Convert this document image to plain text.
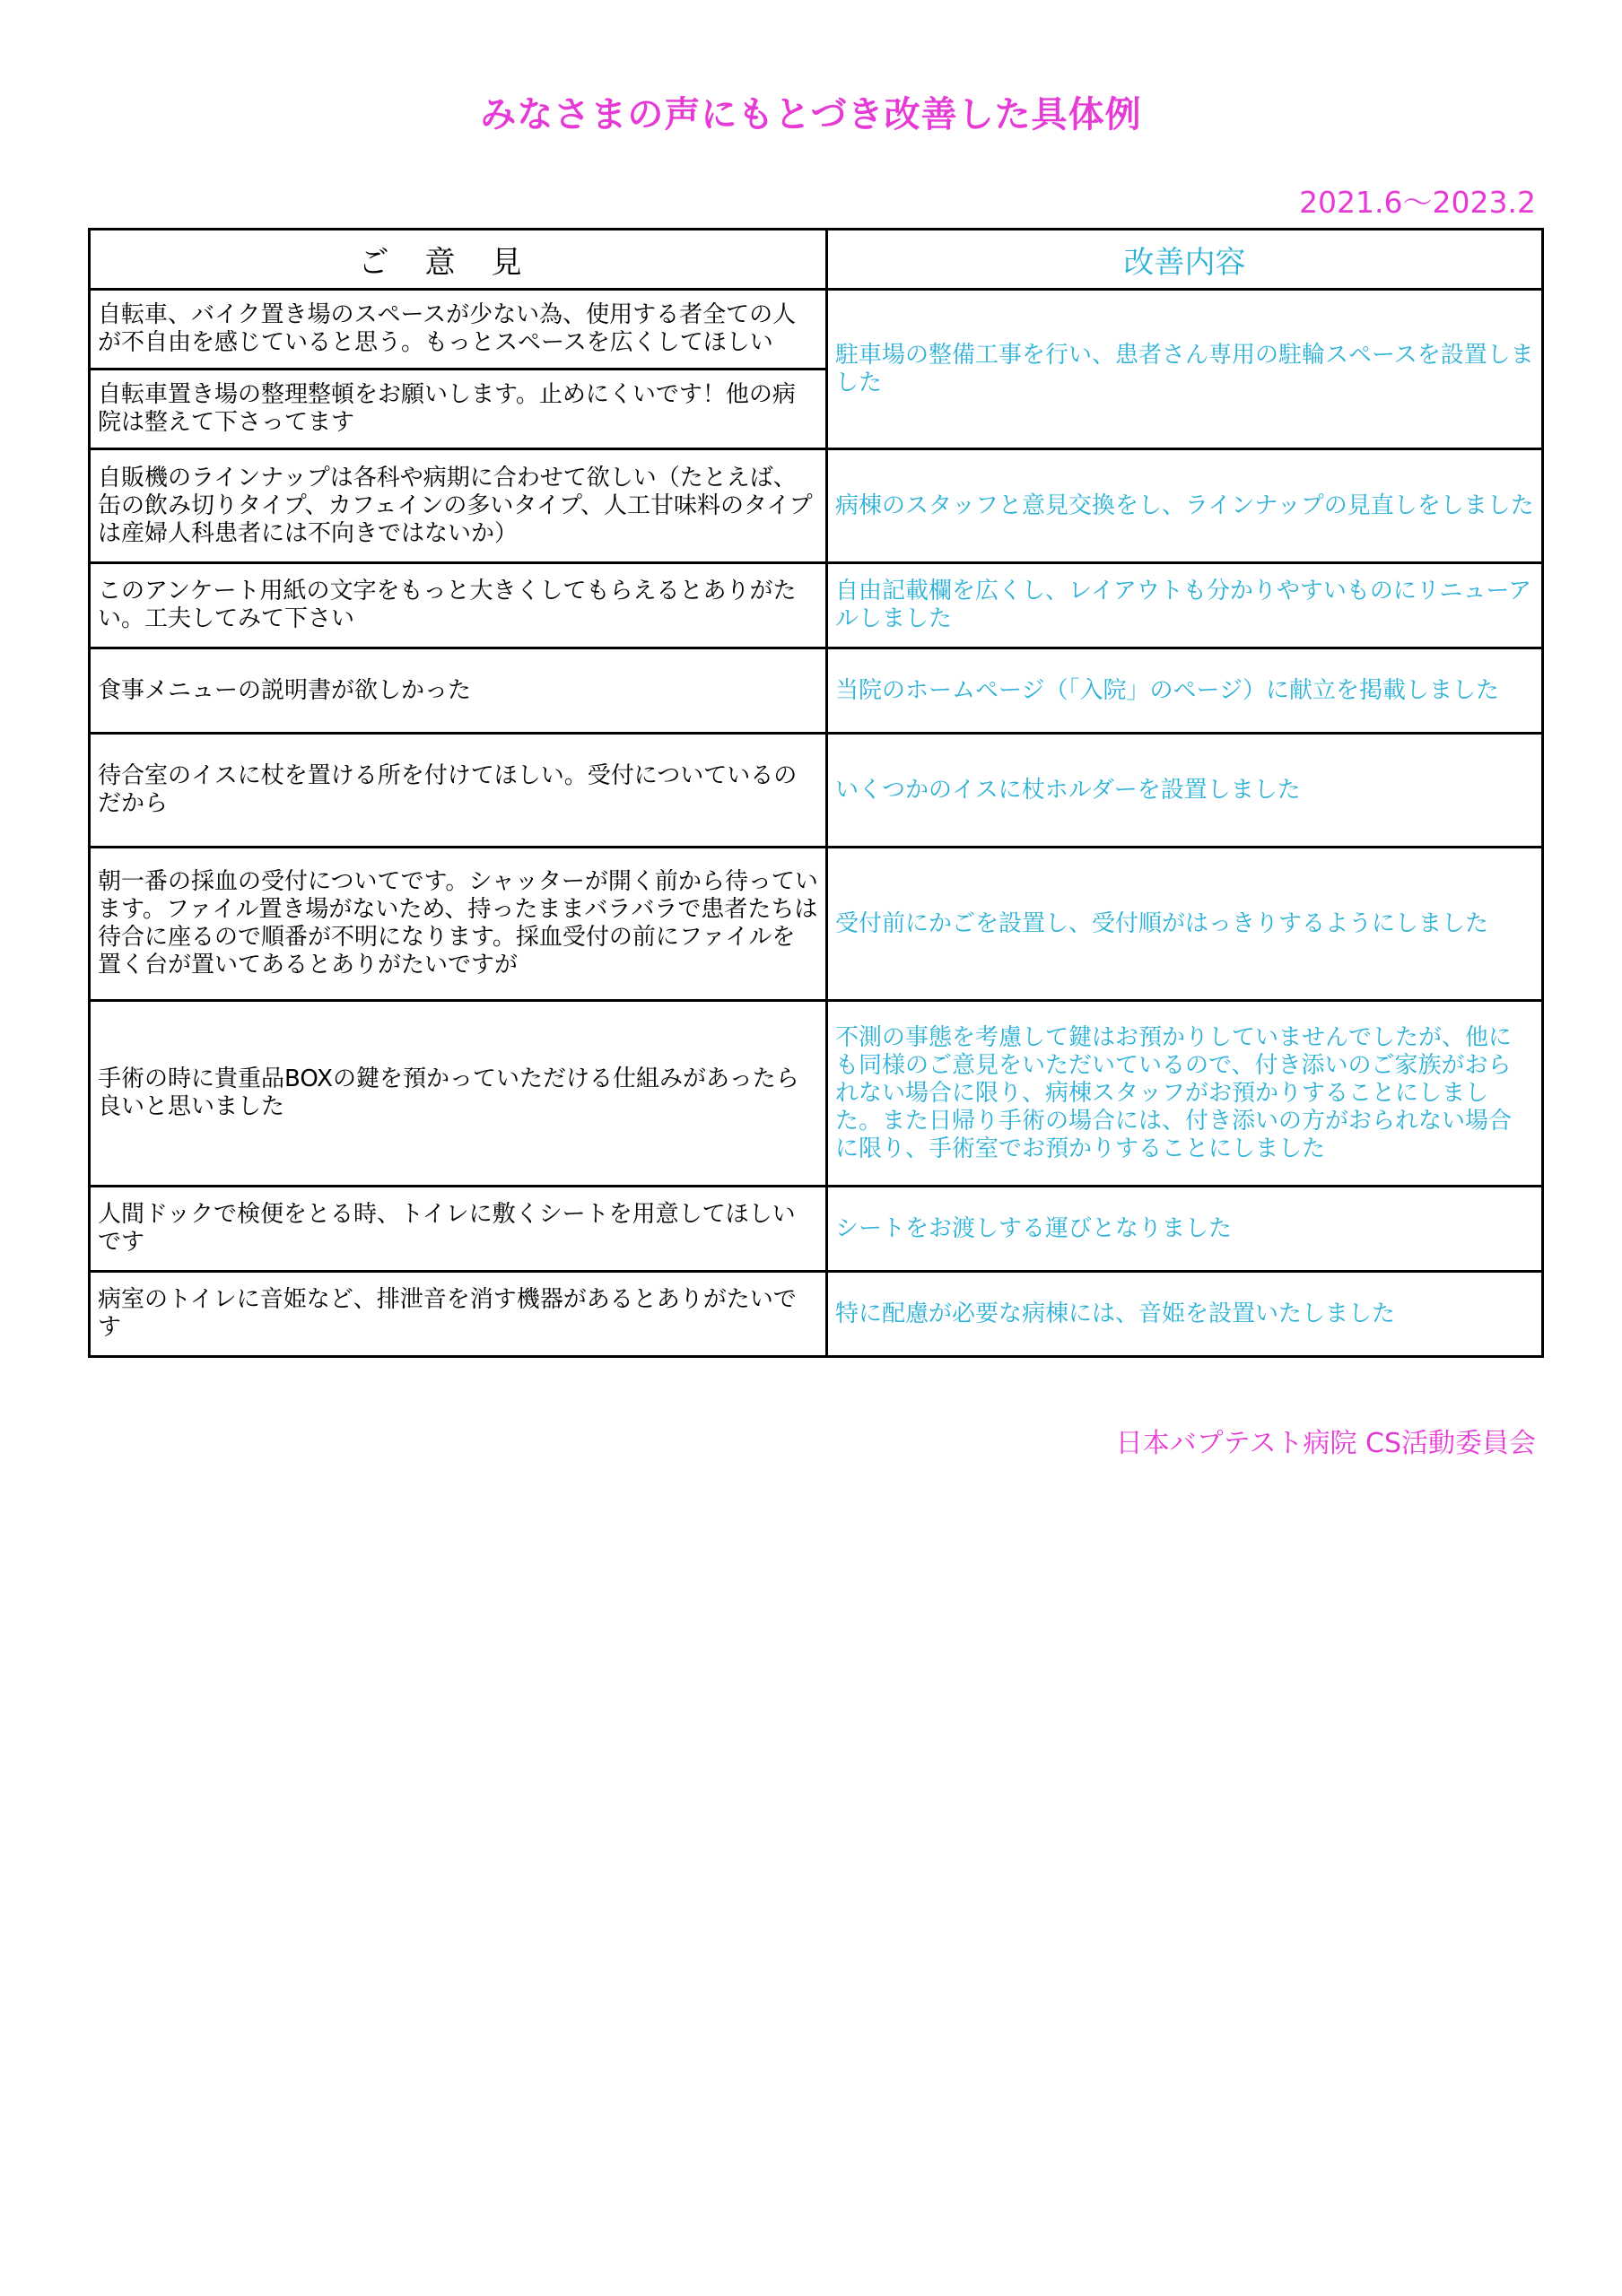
みなさまの声にもとづき改善した具体例
2021.6～2023.2
ご意見	改善内容
自転車、バイク置き場のスペースが少ない為、使用する者全ての人が不自由を感じていると思う。もっとスペースを広くしてほしい	駐車場の整備工事を行い、患者さん専用の駐輪スペースを設置しました
自転車置き場の整理整頓をお願いします。止めにくいです！他の病院は整えて下さってます	
自販機のラインナップは各科や病期に合わせて欲しい（たとえば、缶の飲み切りタイプ、カフェインの多いタイプ、人工甘味料のタイプは産婦人科患者には不向きではないか）	病棟のスタッフと意見交換をし、ラインナップの見直しをしました
このアンケート用紙の文字をもっと大きくしてもらえるとありがたい。工夫してみて下さい	自由記載欄を広くし、レイアウトも分かりやすいものにリニューアルしました
食事メニューの説明書が欲しかった	当院のホームページ（「入院」のページ）に献立を掲載しました
待合室のイスに杖を置ける所を付けてほしい。受付についているのだから	いくつかのイスに杖ホルダーを設置しました
朝一番の採血の受付についてです。シャッターが開く前から待っています。ファイル置き場がないため、持ったままバラバラで患者たちは待合に座るので順番が不明になります。採血受付の前にファイルを置く台が置いてあるとありがたいですが	受付前にかごを設置し、受付順がはっきりするようにしました
手術の時に貴重品BOXの鍵を預かっていただける仕組みがあったら良いと思いました	不測の事態を考慮して鍵はお預かりしていませんでしたが、他にも同様のご意見をいただいているので、付き添いのご家族がおられない場合に限り、病棟スタッフがお預かりすることにしました。また日帰り手術の場合には、付き添いの方がおられない場合に限り、手術室でお預かりすることにしました
人間ドックで検便をとる時、トイレに敷くシートを用意してほしいです	シートをお渡しする運びとなりました
病室のトイレに音姫など、排泄音を消す機器があるとありがたいです	特に配慮が必要な病棟には、音姫を設置いたしました
日本バプテスト病院 CS活動委員会
